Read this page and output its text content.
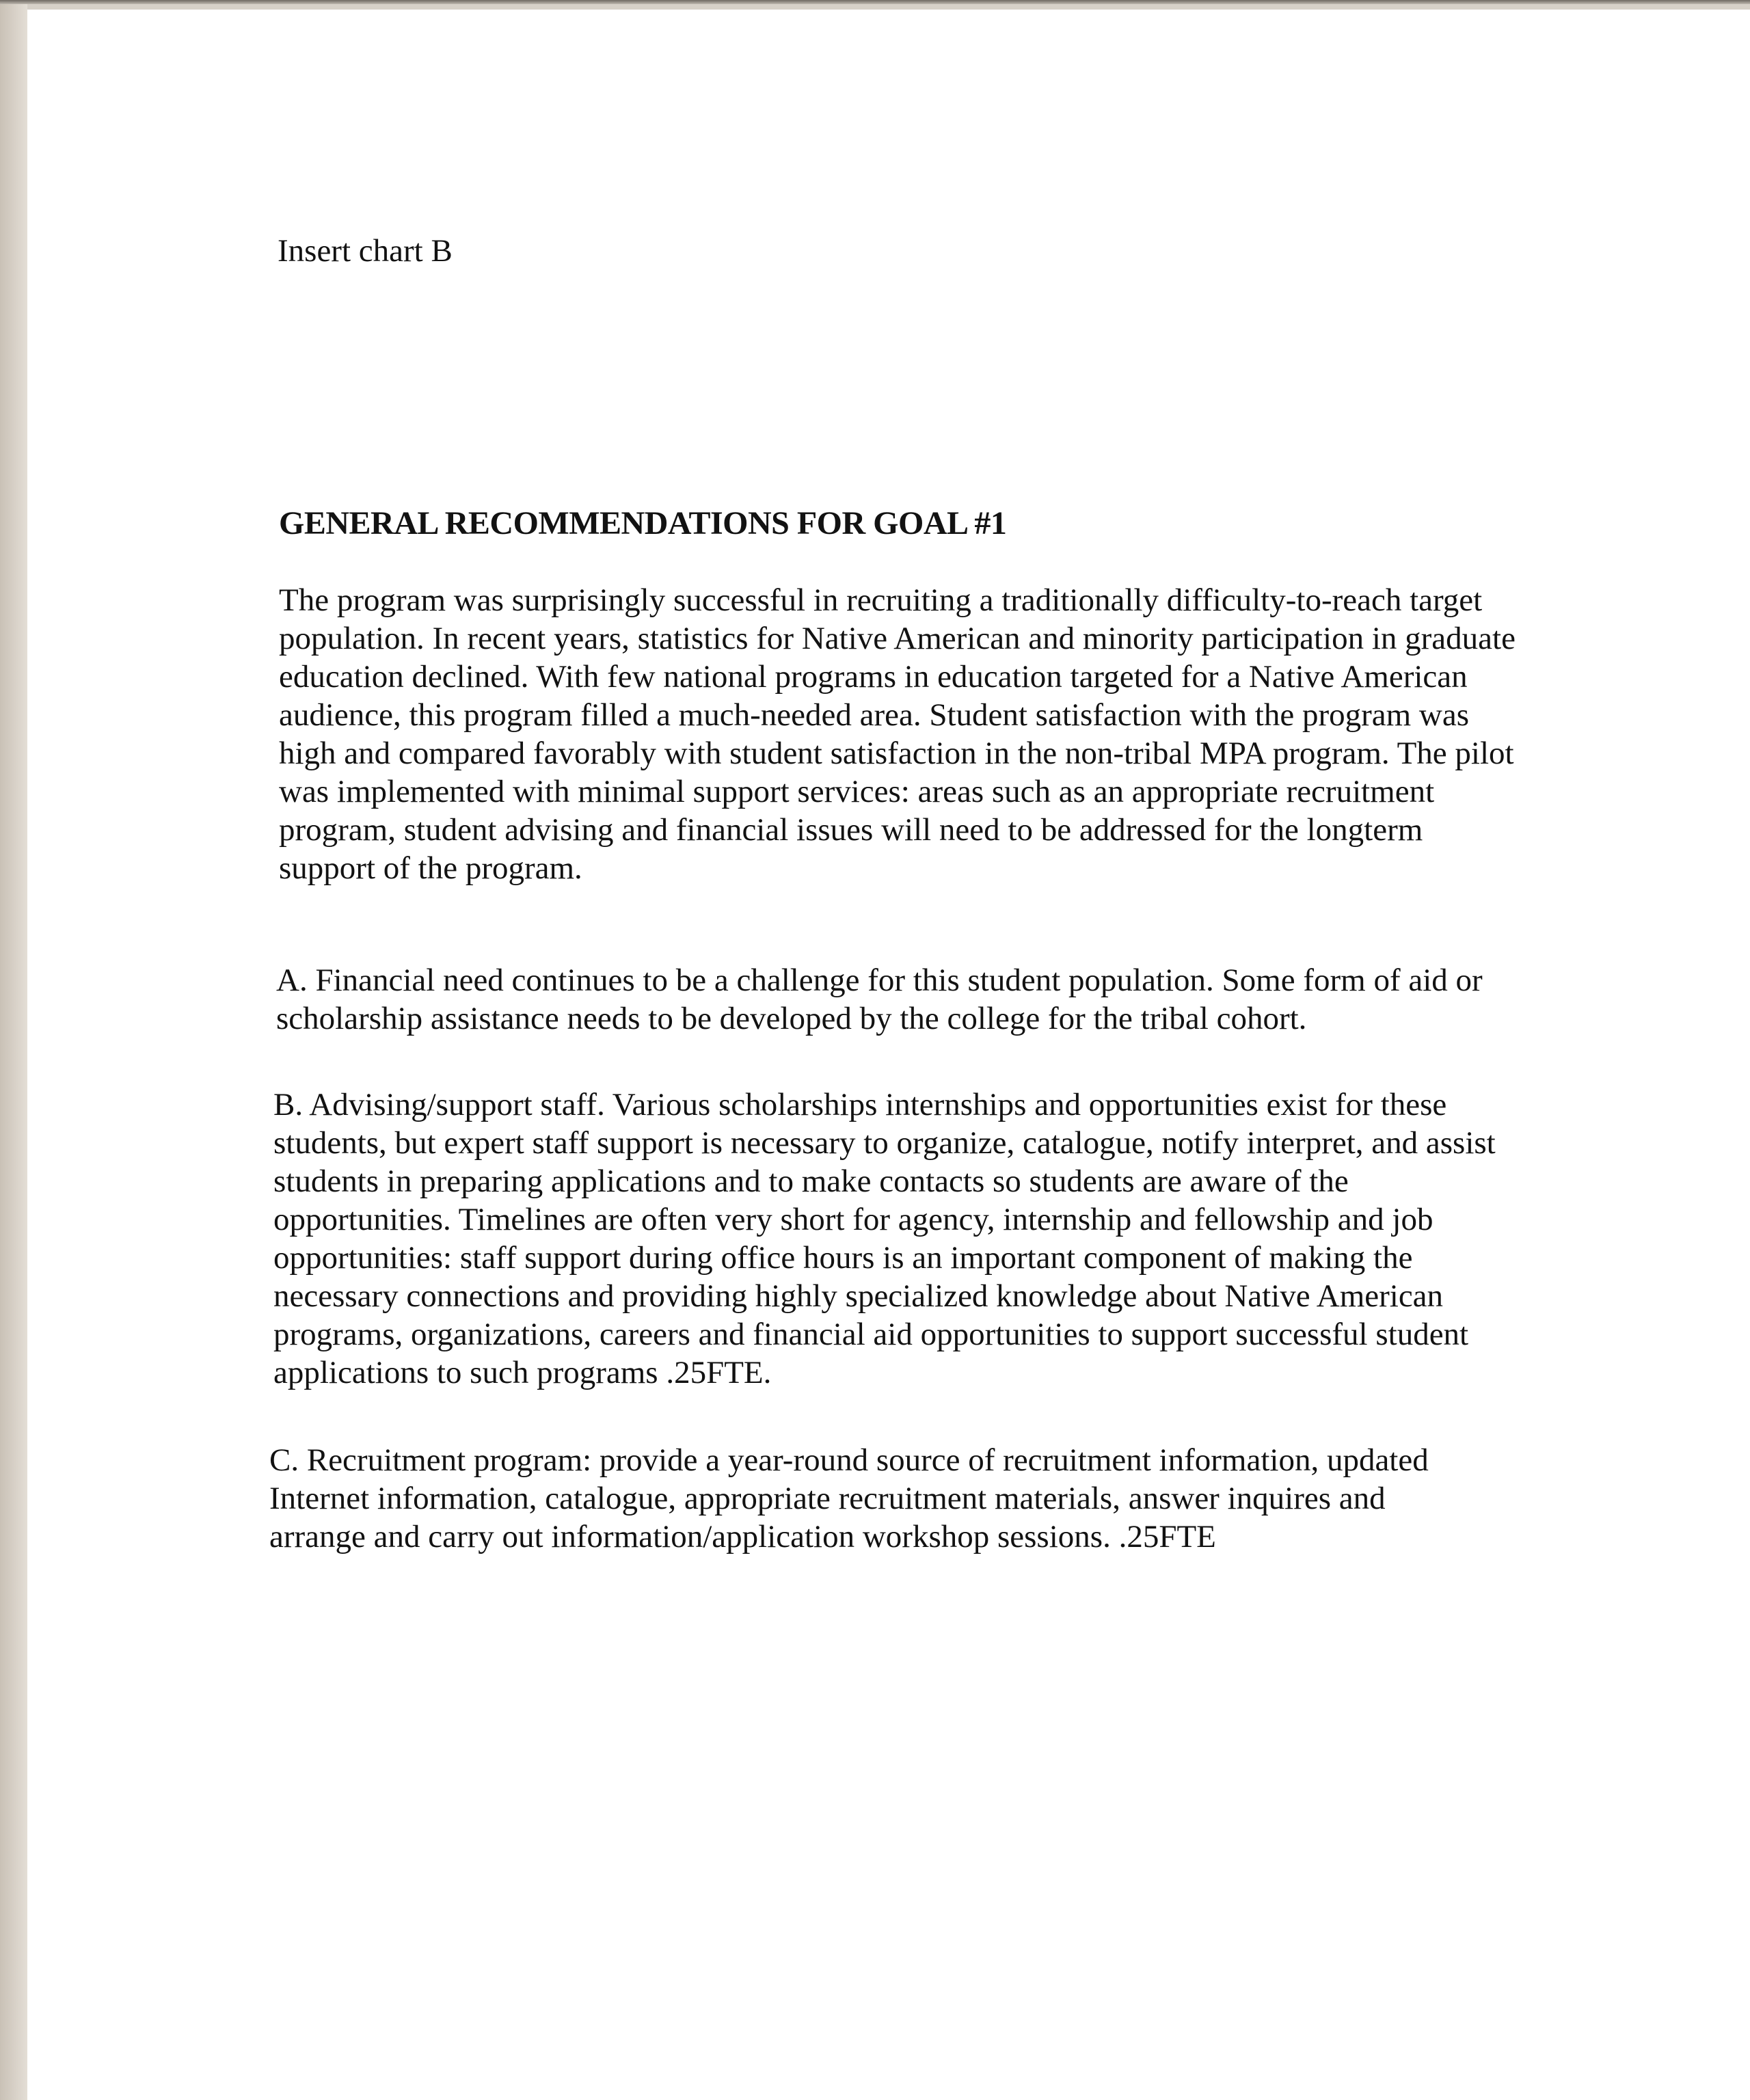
Insert chart B

GENERAL RECOMMENDATIONS FOR GOAL #1

The program was surprisingly successful in recruiting a traditionally difficulty-to-reach target population. In recent years, statistics for Native American and minority participation in graduate education declined. With few national programs in education targeted for a Native American audience, this program filled a much-needed area. Student satisfaction with the program was high and compared favorably with student satisfaction in the non-tribal MPA program. The pilot was implemented with minimal support services: areas such as an appropriate recruitment program, student advising and financial issues will need to be addressed for the longterm support of the program.

A. Financial need continues to be a challenge for this student population. Some form of aid or scholarship assistance needs to be developed by the college for the tribal cohort.

B. Advising/support staff. Various scholarships internships and opportunities exist for these students, but expert staff support is necessary to organize, catalogue, notify interpret, and assist students in preparing applications and to make contacts so students are aware of the opportunities. Timelines are often very short for agency, internship and fellowship and job opportunities: staff support during office hours is an important component of making the necessary connections and providing highly specialized knowledge about Native American programs, organizations, careers and financial aid opportunities to support successful student applications to such programs .25FTE.

C. Recruitment program: provide a year-round source of recruitment information, updated Internet information, catalogue, appropriate recruitment materials, answer inquires and arrange and carry out information/application workshop sessions. .25FTE
